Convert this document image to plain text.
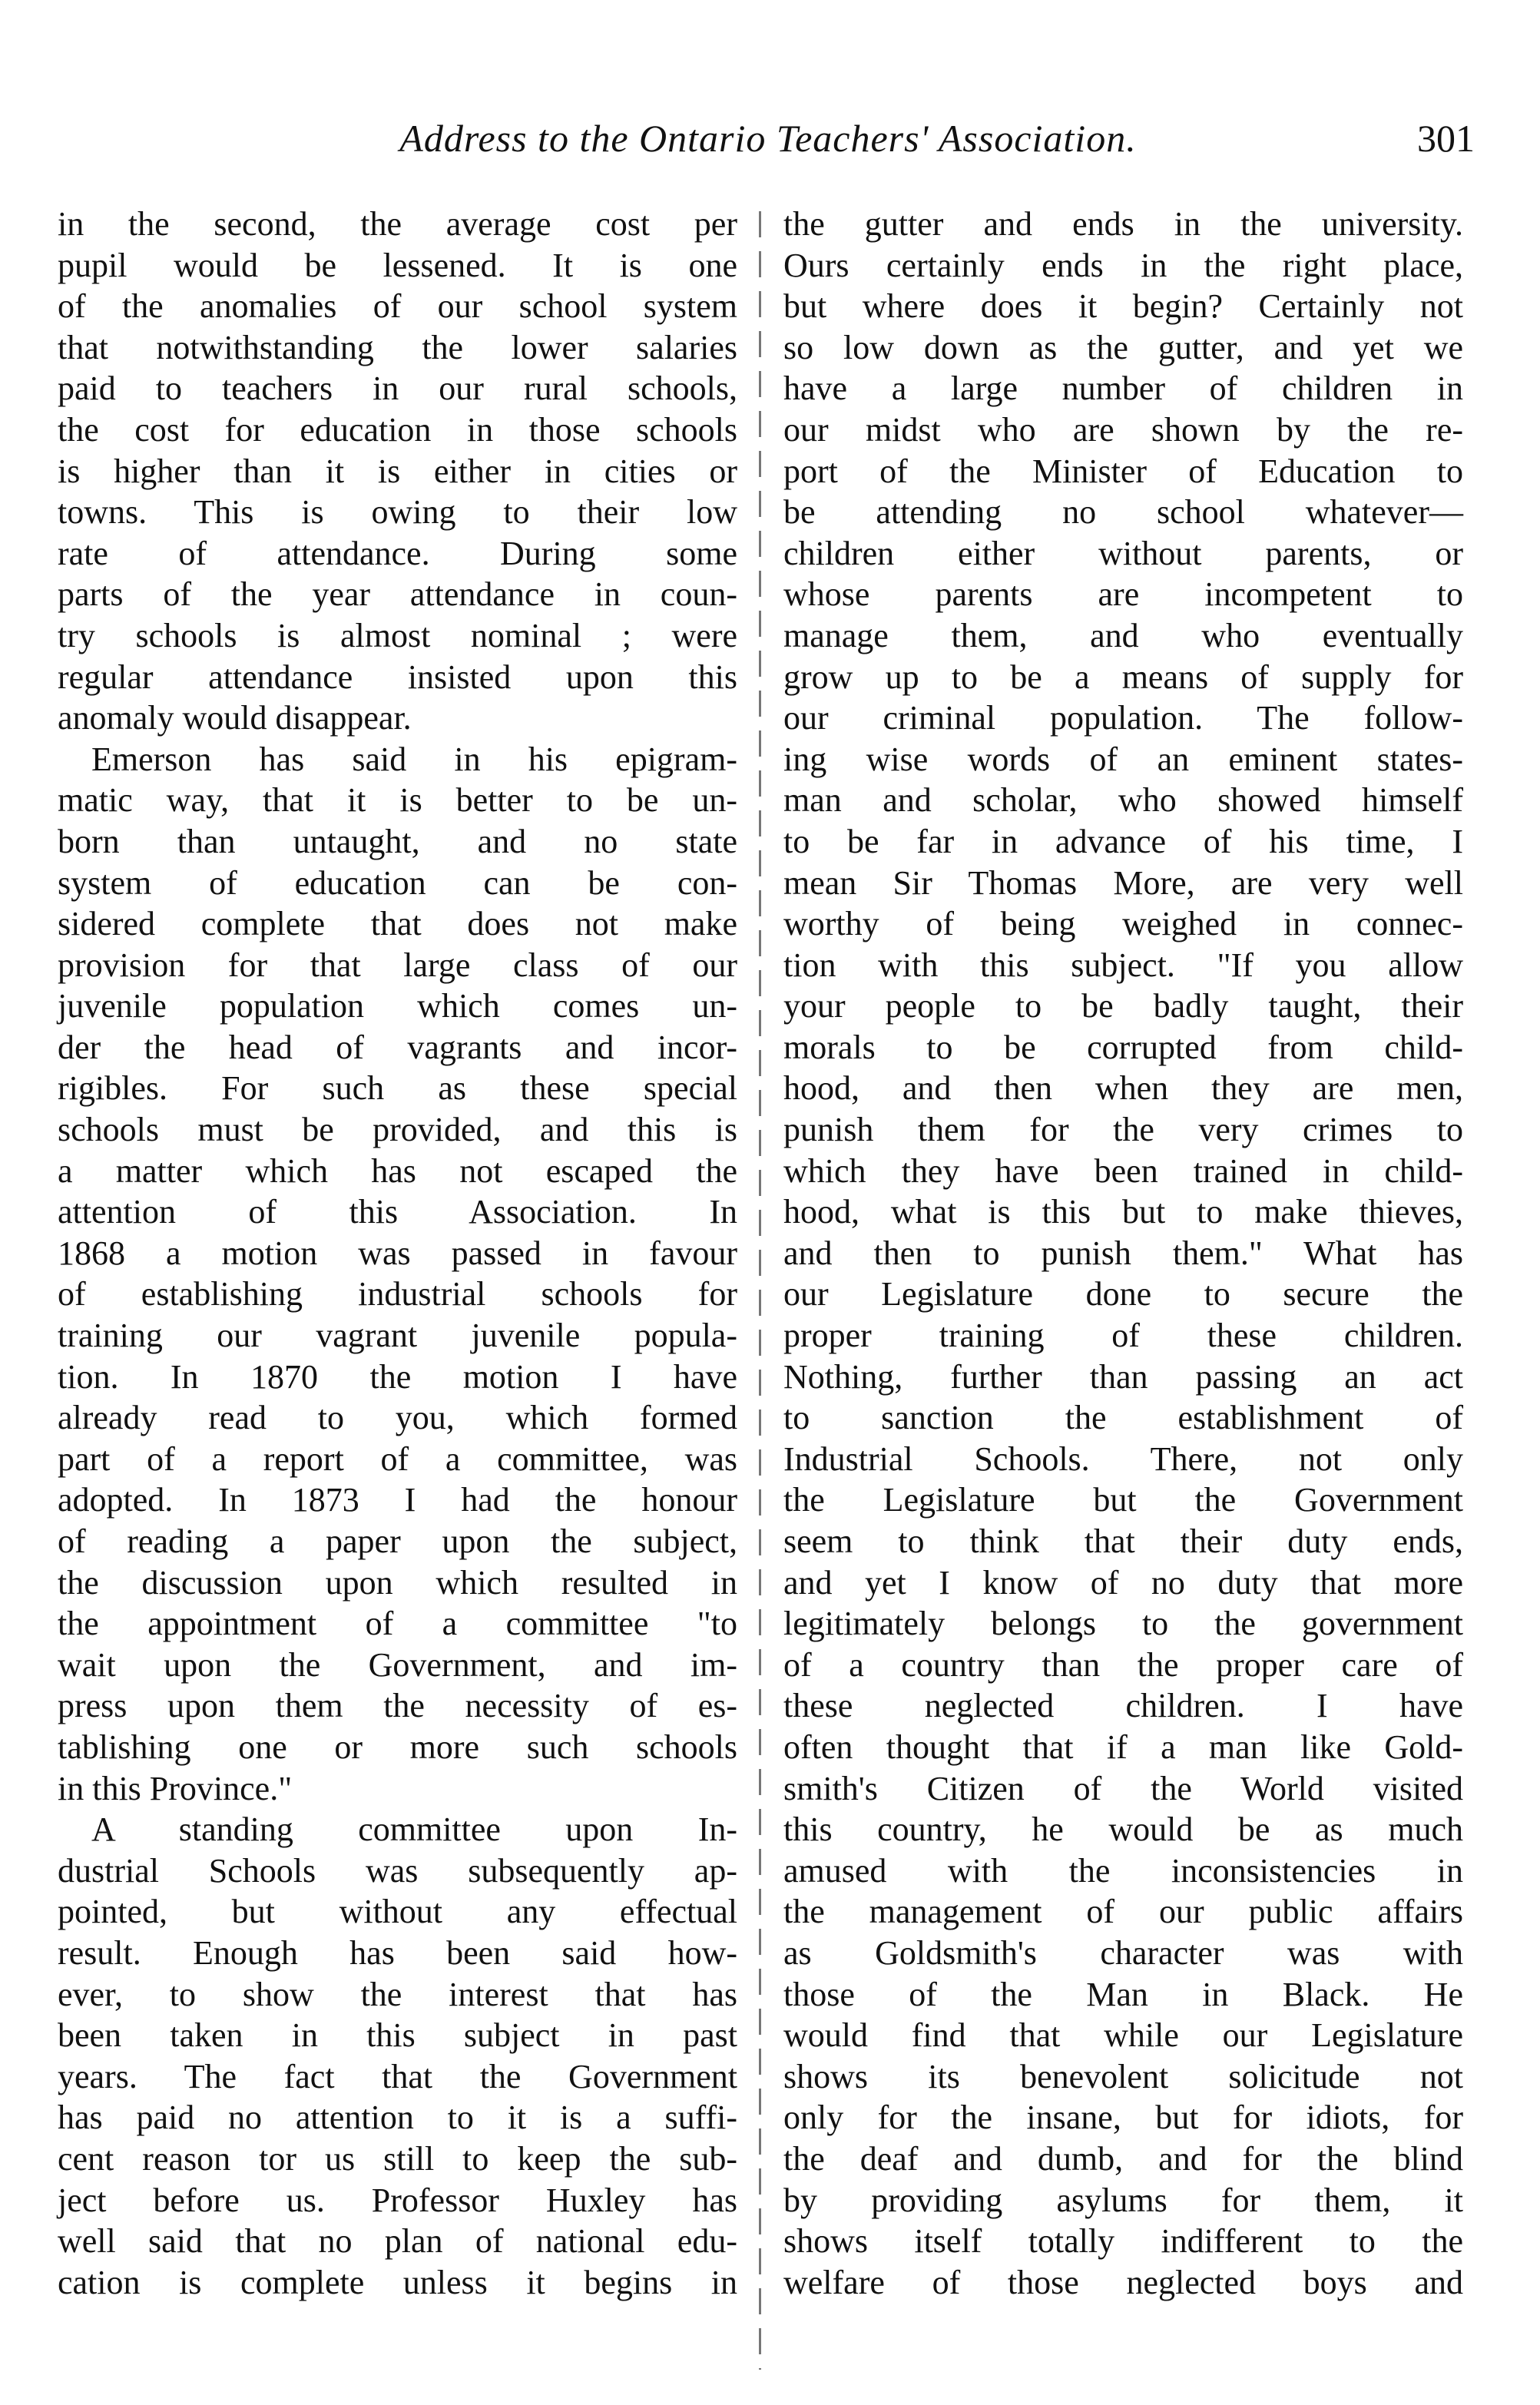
Address to the Ontario Teachers' Association.	301
in the second, the average cost per
pupil would be lessened. It is one
of the anomalies of our school system
that notwithstanding the lower salaries
paid to teachers in our rural schools,
the cost for education in those schools
is higher than it is either in cities or
towns. This is owing to their low
rate of attendance. During some
parts of the year attendance in coun-
try schools is almost nominal ; were
regular attendance insisted upon this
anomaly would disappear.
Emerson has said in his epigram-
matic way, that it is better to be un-
born than untaught, and no state
system of education can be con-
sidered complete that does not make
provision for that large class of our
juvenile population which comes un-
der the head of vagrants and incor-
rigibles. For such as these special
schools must be provided, and this is
a matter which has not escaped the
attention of this Association. In
1868 a motion was passed in favour
of establishing industrial schools for
training our vagrant juvenile popula-
tion. In 1870 the motion I have
already read to you, which formed
part of a report of a committee, was
adopted. In 1873 I had the honour
of reading a paper upon the subject,
the discussion upon which resulted in
the appointment of a committee "to
wait upon the Government, and im-
press upon them the necessity of es-
tablishing one or more such schools
in this Province."
A standing committee upon In-
dustrial Schools was subsequently ap-
pointed, but without any effectual
result. Enough has been said how-
ever, to show the interest that has
been taken in this subject in past
years. The fact that the Government
has paid no attention to it is a suffi-
cent reason tor us still to keep the sub-
ject before us. Professor Huxley has
well said that no plan of national edu-
cation is complete unless it begins in
the gutter and ends in the university.
Ours certainly ends in the right place,
but where does it begin? Certainly not
so low down as the gutter, and yet we
have a large number of children in
our midst who are shown by the re-
port of the Minister of Education to
be attending no school whatever—
children either without parents, or
whose parents are incompetent to
manage them, and who eventually
grow up to be a means of supply for
our criminal population. The follow-
ing wise words of an eminent states-
man and scholar, who showed himself
to be far in advance of his time, I
mean Sir Thomas More, are very well
worthy of being weighed in connec-
tion with this subject. "If you allow
your people to be badly taught, their
morals to be corrupted from child-
hood, and then when they are men,
punish them for the very crimes to
which they have been trained in child-
hood, what is this but to make thieves,
and then to punish them." What has
our Legislature done to secure the
proper training of these children.
Nothing, further than passing an act
to sanction the establishment of
Industrial Schools. There, not only
the Legislature but the Government
seem to think that their duty ends,
and yet I know of no duty that more
legitimately belongs to the government
of a country than the proper care of
these neglected children. I have
often thought that if a man like Gold-
smith's Citizen of the World visited
this country, he would be as much
amused with the inconsistencies in
the management of our public affairs
as Goldsmith's character was with
those of the Man in Black. He
would find that while our Legislature
shows its benevolent solicitude not
only for the insane, but for idiots, for
the deaf and dumb, and for the blind
by providing asylums for them, it
shows itself totally indifferent to the
welfare of those neglected boys and
